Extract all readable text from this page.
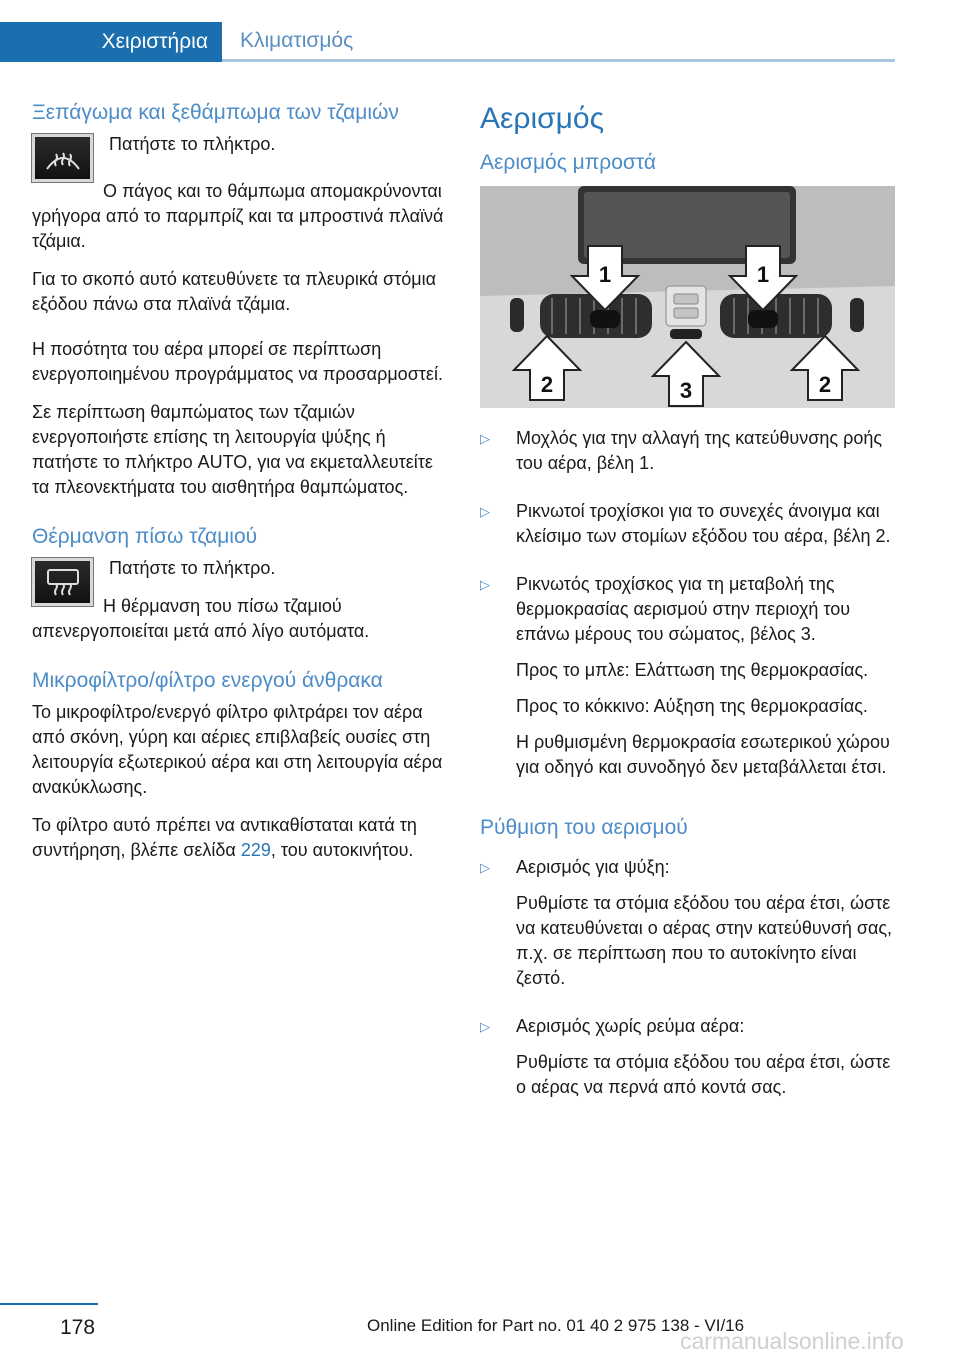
Χειριστήρια Κλιματισμός
Ξεπάγωμα και ξεθάμπωμα των τζαμιών

Πατήστε το πλήκτρο.

Ο πάγος και το θάμπωμα απομακρύνονται γρήγορα από το παρμπρίζ και τα μπροστινά πλαϊνά τζάμια.

Για το σκοπό αυτό κατευθύνετε τα πλευρικά στόμια εξόδου πάνω στα πλαϊνά τζάμια.

Η ποσότητα του αέρα μπορεί σε περίπτωση ενεργοποιημένου προγράμματος να προσαρμοστεί.

Σε περίπτωση θαμπώματος των τζαμιών ενεργοποιήστε επίσης τη λειτουργία ψύξης ή πατήστε το πλήκτρο AUTO, για να εκμεταλλευτείτε τα πλεονεκτήματα του αισθητήρα θαμπώματος.

Θέρμανση πίσω τζαμιού

Πατήστε το πλήκτρο.

Η θέρμανση του πίσω τζαμιού απενεργοποιείται μετά από λίγο αυτόματα.

Μικροφίλτρο/φίλτρο ενεργού άνθρακα

Το μικροφίλτρο/ενεργό φίλτρο φιλτράρει τον αέρα από σκόνη, γύρη και αέριες επιβλαβείς ουσίες στη λειτουργία εξωτερικού αέρα και στη λειτουργία αέρα ανακύκλωσης.

Το φίλτρο αυτό πρέπει να αντικαθίσταται κατά τη συντήρηση, βλέπε σελίδα 229, του αυτοκινήτου.

Αερισμός
Αερισμός μπροστά
1	1
2	3	2
▷	Μοχλός για την αλλαγή της κατεύθυνσης ροής του αέρα, βέλη 1.

▷	Ρικνωτοί τροχίσκοι για το συνεχές άνοιγμα και κλείσιμο των στομίων εξόδου του αέρα, βέλη 2.

▷	Ρικνωτός τροχίσκος για τη μεταβολή της θερμοκρασίας αερισμού στην περιοχή του επάνω μέρους του σώματος, βέλος 3.

Προς το μπλε: Ελάττωση της θερμοκρασίας.

Προς το κόκκινο: Αύξηση της θερμοκρασίας.

Η ρυθμισμένη θερμοκρασία εσωτερικού χώρου για οδηγό και συνοδηγό δεν μεταβάλλεται έτσι.

Ρύθμιση του αερισμού
▷	Αερισμός για ψύξη:

Ρυθμίστε τα στόμια εξόδου του αέρα έτσι, ώστε να κατευθύνεται ο αέρας στην κατεύθυνσή σας, π.χ. σε περίπτωση που το αυτοκίνητο είναι ζεστό.

▷	Αερισμός χωρίς ρεύμα αέρα:

Ρυθμίστε τα στόμια εξόδου του αέρα έτσι, ώστε ο αέρας να περνά από κοντά σας.

178	Online Edition for Part no. 01 40 2 975 138 - VI/16
carmanualsonline.info
